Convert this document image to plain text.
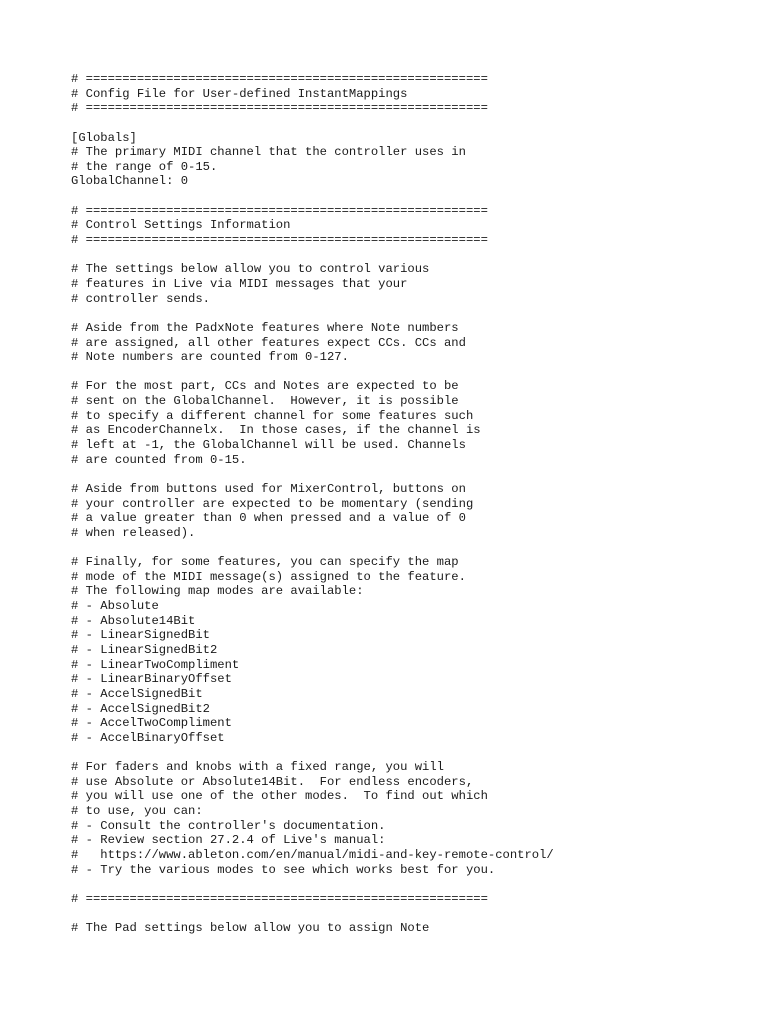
# =======================================================
# Config File for User-defined InstantMappings
# =======================================================
[Globals]
# The primary MIDI channel that the controller uses in
# the range of 0-15.
GlobalChannel: 0
# =======================================================
# Control Settings Information
# =======================================================
# The settings below allow you to control various
# features in Live via MIDI messages that your
# controller sends.
# Aside from the PadxNote features where Note numbers
# are assigned, all other features expect CCs. CCs and
# Note numbers are counted from 0-127.
# For the most part, CCs and Notes are expected to be
# sent on the GlobalChannel.  However, it is possible
# to specify a different channel for some features such
# as EncoderChannelx.  In those cases, if the channel is
# left at -1, the GlobalChannel will be used. Channels
# are counted from 0-15.
# Aside from buttons used for MixerControl, buttons on
# your controller are expected to be momentary (sending
# a value greater than 0 when pressed and a value of 0
# when released).
# Finally, for some features, you can specify the map
# mode of the MIDI message(s) assigned to the feature.
# The following map modes are available:
# - Absolute
# - Absolute14Bit
# - LinearSignedBit
# - LinearSignedBit2
# - LinearTwoCompliment
# - LinearBinaryOffset
# - AccelSignedBit
# - AccelSignedBit2
# - AccelTwoCompliment
# - AccelBinaryOffset
# For faders and knobs with a fixed range, you will
# use Absolute or Absolute14Bit.  For endless encoders,
# you will use one of the other modes.  To find out which
# to use, you can:
# - Consult the controller's documentation.
# - Review section 27.2.4 of Live's manual:
#   https://www.ableton.com/en/manual/midi-and-key-remote-control/
# - Try the various modes to see which works best for you.
# =======================================================
# The Pad settings below allow you to assign Note
